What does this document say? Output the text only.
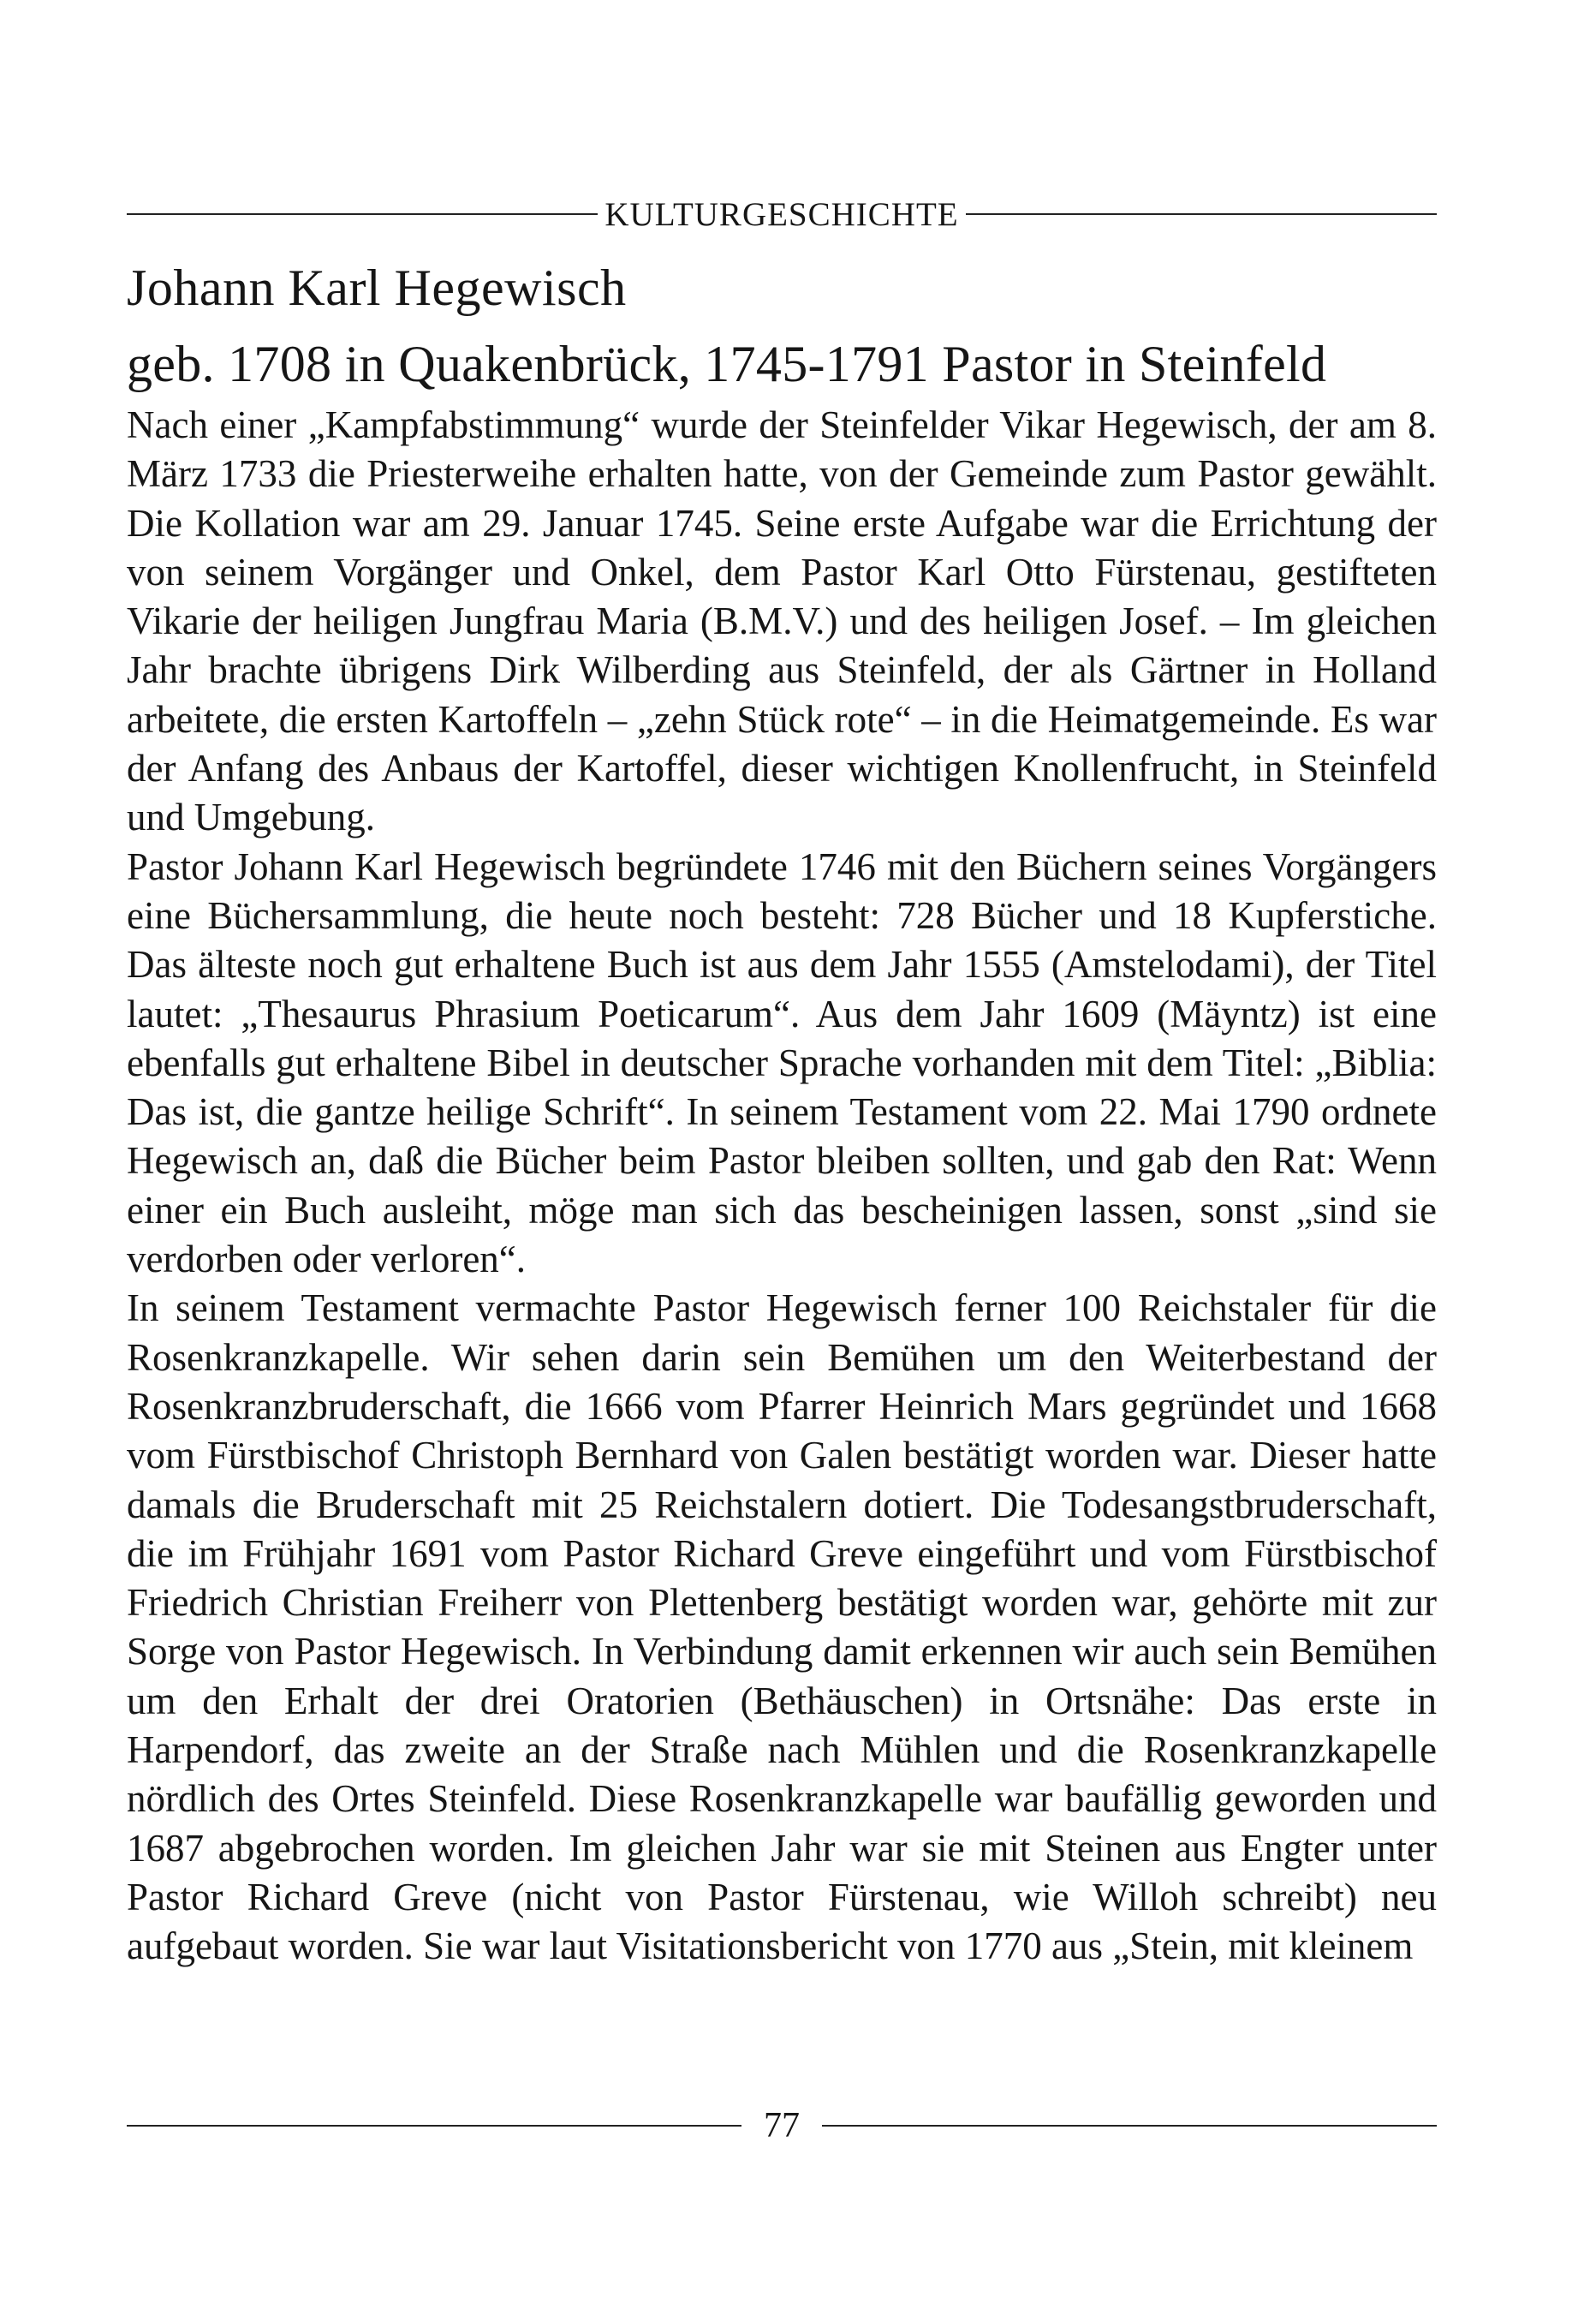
KULTURGESCHICHTE
Johann Karl Hegewisch
geb. 1708 in Quakenbrück, 1745-1791 Pastor in Steinfeld

Nach einer „Kampfabstimmung“ wurde der Steinfelder Vikar Hegewisch, der am 8. März 1733 die Priesterweihe erhalten hatte, von der Gemeinde zum Pastor gewählt. Die Kollation war am 29. Januar 1745. Seine erste Aufgabe war die Errichtung der von seinem Vorgänger und Onkel, dem Pastor Karl Otto Fürstenau, gestifteten Vikarie der heiligen Jungfrau Maria (B.M.V.) und des heiligen Josef. – Im gleichen Jahr brachte übrigens Dirk Wilberding aus Steinfeld, der als Gärtner in Holland arbeitete, die ersten Kartoffeln – „zehn Stück rote“ – in die Heimatgemeinde. Es war der Anfang des Anbaus der Kartoffel, dieser wichtigen Knollenfrucht, in Steinfeld und Umgebung.

Pastor Johann Karl Hegewisch begründete 1746 mit den Büchern seines Vorgängers eine Büchersammlung, die heute noch besteht: 728 Bücher und 18 Kupferstiche. Das älteste noch gut erhaltene Buch ist aus dem Jahr 1555 (Amstelodami), der Titel lautet: „Thesaurus Phrasium Poeticarum“. Aus dem Jahr 1609 (Mäyntz) ist eine ebenfalls gut erhaltene Bibel in deutscher Sprache vorhanden mit dem Titel: „Biblia: Das ist, die gantze heilige Schrift“. In seinem Testament vom 22. Mai 1790 ordnete Hegewisch an, daß die Bücher beim Pastor bleiben sollten, und gab den Rat: Wenn einer ein Buch ausleiht, möge man sich das bescheinigen lassen, sonst „sind sie verdorben oder verloren“.

In seinem Testament vermachte Pastor Hegewisch ferner 100 Reichstaler für die Rosenkranzkapelle. Wir sehen darin sein Bemühen um den Weiterbestand der Rosenkranzbruderschaft, die 1666 vom Pfarrer Heinrich Mars gegründet und 1668 vom Fürstbischof Christoph Bernhard von Galen bestätigt worden war. Dieser hatte damals die Bruderschaft mit 25 Reichstalern dotiert. Die Todesangstbruderschaft, die im Frühjahr 1691 vom Pastor Richard Greve eingeführt und vom Fürstbischof Friedrich Christian Freiherr von Plettenberg bestätigt worden war, gehörte mit zur Sorge von Pastor Hegewisch. In Verbindung damit erkennen wir auch sein Bemühen um den Erhalt der drei Oratorien (Bethäuschen) in Ortsnähe: Das erste in Harpendorf, das zweite an der Straße nach Mühlen und die Rosenkranzkapelle nördlich des Ortes Steinfeld. Diese Rosenkranzkapelle war baufällig geworden und 1687 abgebrochen worden. Im gleichen Jahr war sie mit Steinen aus Engter unter Pastor Richard Greve (nicht von Pastor Fürstenau, wie Willoh schreibt) neu aufgebaut worden. Sie war laut Visitationsbericht von 1770 aus „Stein, mit kleinem

77
